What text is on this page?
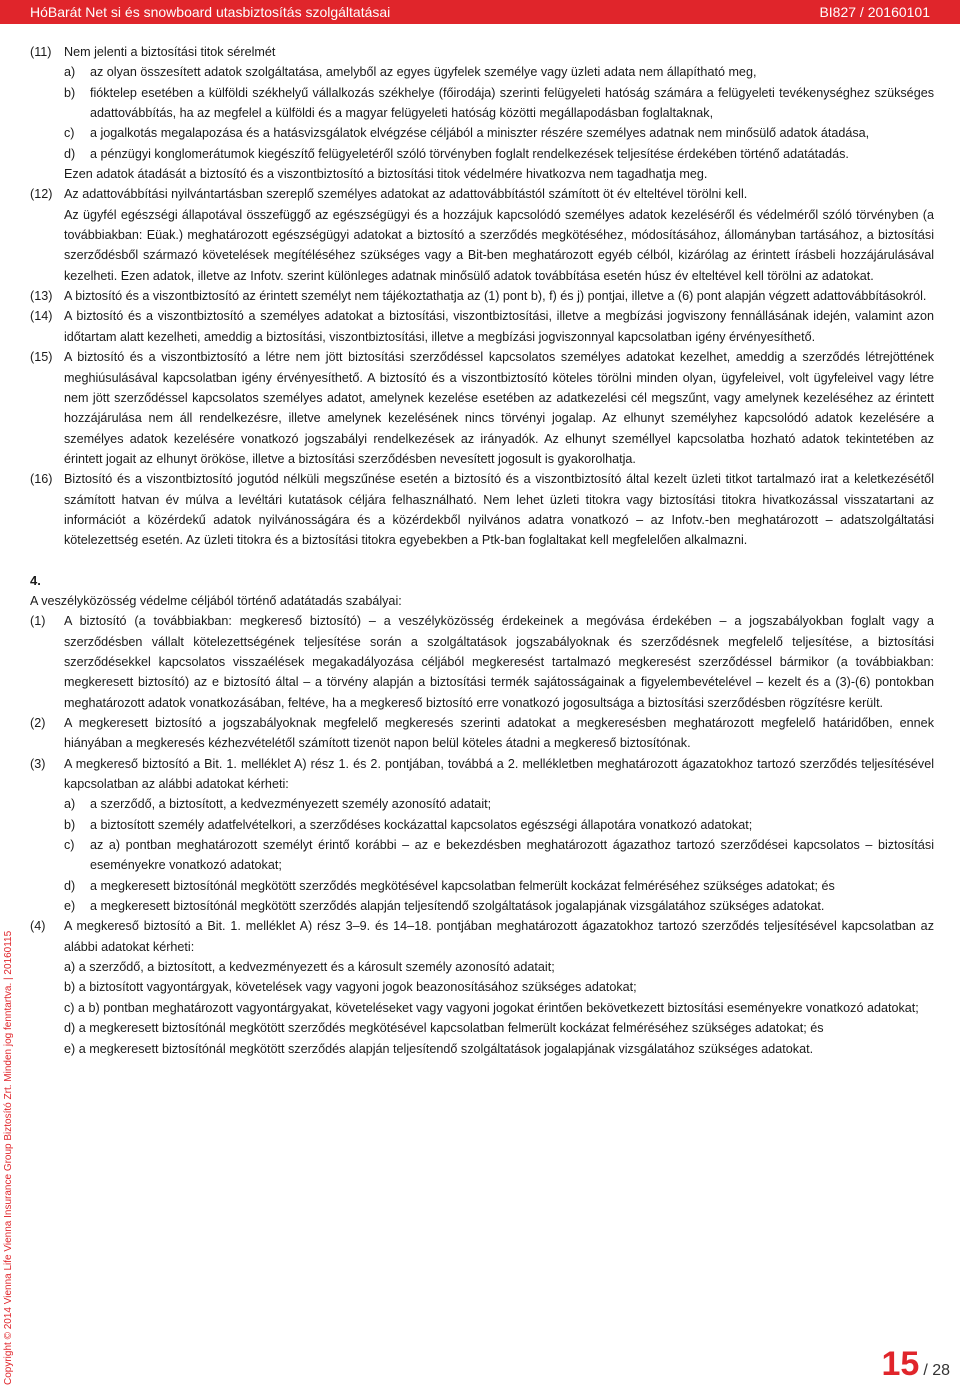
HóBarát Net si és snowboard utasbiztosítás szolgáltatásai	BI827 / 20160101
Copyright © 2014 Vienna Life Vienna Insurance Group Biztosító Zrt. Minden jog fenntartva. | 20160115
(11) Nem jelenti a biztosítási titok sérelmét

a) az olyan összesített adatok szolgáltatása, amelyből az egyes ügyfelek személye vagy üzleti adata nem állapítható meg,

b) fióktelep esetében a külföldi székhelyű vállalkozás székhelye (főirodája) szerinti felügyeleti hatóság számára a felügyeleti tevékenységhez szükséges adattovábbítás, ha az megfelel a külföldi és a magyar felügyeleti hatóság közötti megállapodásban foglaltaknak,

c) a jogalkotás megalapozása és a hatásvizsgálatok elvégzése céljából a miniszter részére személyes adatnak nem minősülő adatok átadása,

d) a pénzügyi konglomerátumok kiegészítő felügyeletéről szóló törvényben foglalt rendelkezések teljesítése érdekében történő adatátadás.

Ezen adatok átadását a biztosító és a viszontbiztosító a biztosítási titok védelmére hivatkozva nem tagadhatja meg.

(12) Az adattovábbítási nyilvántartásban szereplő személyes adatokat az adattovábbítástól számított öt év elteltével törölni kell.

Az ügyfél egészségi állapotával összefüggő az egészségügyi és a hozzájuk kapcsolódó személyes adatok kezeléséről és védelméről szóló törvényben (a továbbiakban: Eüak.) meghatározott egészségügyi adatokat a biztosító a szerződés megkötéséhez, módosításához, állományban tartásához, a biztosítási szerződésből származó követelések megítéléséhez szükséges vagy a Bit-ben meghatározott egyéb célból, kizárólag az érintett írásbeli hozzájárulásával kezelheti. Ezen adatok, illetve az Infotv. szerint különleges adatnak minősülő adatok továbbítása esetén húsz év elteltével kell törölni az adatokat.

(13) A biztosító és a viszontbiztosító az érintett személyt nem tájékoztathatja az (1) pont b), f) és j) pontjai, illetve a (6) pont alapján végzett adattovábbításokról.

(14) A biztosító és a viszontbiztosító a személyes adatokat a biztosítási, viszontbiztosítási, illetve a megbízási jogviszony fennállásának idején, valamint azon időtartam alatt kezelheti, ameddig a biztosítási, viszontbiztosítási, illetve a megbízási jogviszonnyal kapcsolatban igény érvényesíthető.

(15) A biztosító és a viszontbiztosító a létre nem jött biztosítási szerződéssel kapcsolatos személyes adatokat kezelhet, ameddig a szerződés létrejöttének meghiúsulásával kapcsolatban igény érvényesíthető. A biztosító és a viszontbiztosító köteles törölni minden olyan, ügyfeleivel, volt ügyfeleivel vagy létre nem jött szerződéssel kapcsolatos személyes adatot, amelynek kezelése esetében az adatkezelési cél megszűnt, vagy amelynek kezeléséhez az érintett hozzájárulása nem áll rendelkezésre, illetve amelynek kezelésének nincs törvényi jogalap. Az elhunyt személyhez kapcsolódó adatok kezelésére a személyes adatok kezelésére vonatkozó jogszabályi rendelkezések az irányadók. Az elhunyt személlyel kapcsolatba hozható adatok tekintetében az érintett jogait az elhunyt örököse, illetve a biztosítási szerződésben nevesített jogosult is gyakorolhatja.

(16) Biztosító és a viszontbiztosító jogutód nélküli megszűnése esetén a biztosító és a viszontbiztosító által kezelt üzleti titkot tartalmazó irat a keletkezésétől számított hatvan év múlva a levéltári kutatások céljára felhasználható. Nem lehet üzleti titokra vagy biztosítási titokra hivatkozással visszatartani az információt a közérdekű adatok nyilvánosságára és a közérdekből nyilvános adatra vonatkozó – az Infotv.-ben meghatározott – adatszolgáltatási kötelezettség esetén. Az üzleti titokra és a biztosítási titokra egyebekben a Ptk-ban foglaltakat kell megfelelően alkalmazni.

4.

A veszélyközösség védelme céljából történő adatátadás szabályai:

(1) A biztosító (a továbbiakban: megkereső biztosító) – a veszélyközösség érdekeinek a megóvása érdekében – a jogszabályokban foglalt vagy a szerződésben vállalt kötelezettségének teljesítése során a szolgáltatások jogszabályoknak és szerződésnek megfelelő teljesítése, a biztosítási szerződésekkel kapcsolatos visszaélések megakadályozása céljából megkeresést tartalmazó megkeresést szerződéssel bármikor (a továbbiakban: megkeresett biztosító) az e biztosító által – a törvény alapján a biztosítási termék sajátosságainak a figyelembevételével – kezelt és a (3)-(6) pontokban meghatározott adatok vonatkozásában, feltéve, ha a megkereső biztosító erre vonatkozó jogosultsága a biztosítási szerződésben rögzítésre került.

(2) A megkeresett biztosító a jogszabályoknak megfelelő megkeresés szerinti adatokat a megkeresésben meghatározott megfelelő határidőben, ennek hiányában a megkeresés kézhezvételétől számított tizenöt napon belül köteles átadni a megkereső biztosítónak.

(3) A megkereső biztosító a Bit. 1. melléklet A) rész 1. és 2. pontjában, továbbá a 2. mellékletben meghatározott ágazatokhoz tartozó szerződés teljesítésével kapcsolatban az alábbi adatokat kérheti:

a) a szerződő, a biztosított, a kedvezményezett személy azonosító adatait;

b) a biztosított személy adatfelvételkori, a szerződéses kockázattal kapcsolatos egészségi állapotára vonatkozó adatokat;

c) az a) pontban meghatározott személyt érintő korábbi – az e bekezdésben meghatározott ágazathoz tartozó szerződései kapcsolatos – biztosítási eseményekre vonatkozó adatokat;

d) a megkeresett biztosítónál megkötött szerződés megkötésével kapcsolatban felmerült kockázat felméréséhez szükséges adatokat; és

e) a megkeresett biztosítónál megkötött szerződés alapján teljesítendő szolgáltatások jogalapjának vizsgálatához szükséges adatokat.

(4) A megkereső biztosító a Bit. 1. melléklet A) rész 3–9. és 14–18. pontjában meghatározott ágazatokhoz tartozó szerződés teljesítésével kapcsolatban az alábbi adatokat kérheti:

a) a szerződő, a biztosított, a kedvezményezett és a károsult személy azonosító adatait;

b) a biztosított vagyontárgyak, követelések vagy vagyoni jogok beazonosításához szükséges adatokat;

c) a b) pontban meghatározott vagyontárgyakat, követeléseket vagy vagyoni jogokat érintően bekövetkezett biztosítási eseményekre vonatkozó adatokat;

d) a megkeresett biztosítónál megkötött szerződés megkötésével kapcsolatban felmerült kockázat felméréséhez szükséges adatokat; és

e) a megkeresett biztosítónál megkötött szerződés alapján teljesítendő szolgáltatások jogalapjának vizsgálatához szükséges adatokat.

15 / 28
